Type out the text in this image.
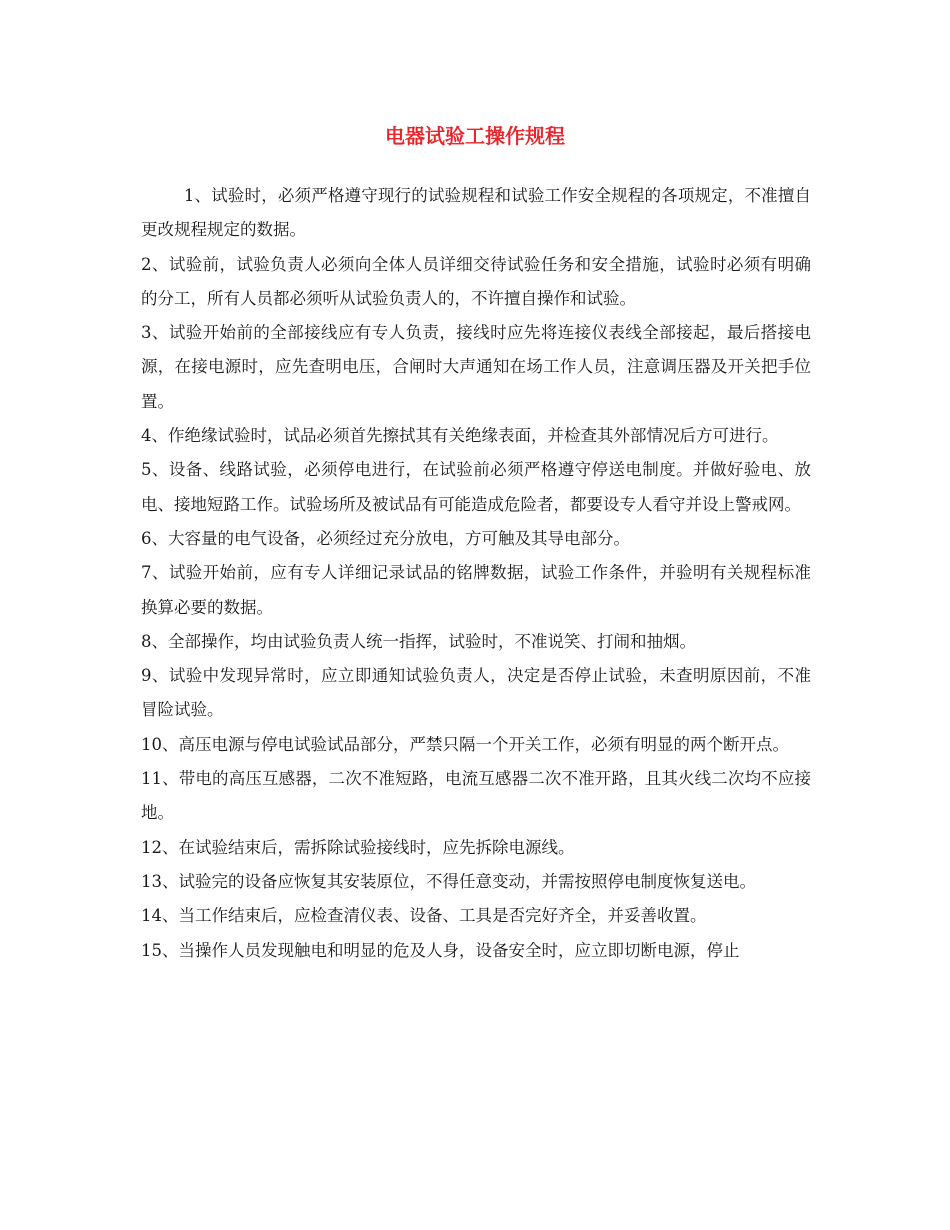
电器试验工操作规程

1、试验时，必须严格遵守现行的试验规程和试验工作安全规程的各项规定，不准擅自更改规程规定的数据。

2、试验前，试验负责人必须向全体人员详细交待试验任务和安全措施，试验时必须有明确的分工，所有人员都必须听从试验负责人的，不许擅自操作和试验。

3、试验开始前的全部接线应有专人负责，接线时应先将连接仪表线全部接起，最后搭接电源，在接电源时，应先查明电压，合闸时大声通知在场工作人员，注意调压器及开关把手位置。

4、作绝缘试验时，试品必须首先擦拭其有关绝缘表面，并检查其外部情况后方可进行。

5、设备、线路试验，必须停电进行，在试验前必须严格遵守停送电制度。并做好验电、放电、接地短路工作。试验场所及被试品有可能造成危险者，都要设专人看守并设上警戒网。

6、大容量的电气设备，必须经过充分放电，方可触及其导电部分。

7、试验开始前，应有专人详细记录试品的铭牌数据，试验工作条件，并验明有关规程标准换算必要的数据。

8、全部操作，均由试验负责人统一指挥，试验时，不准说笑、打闹和抽烟。

9、试验中发现异常时，应立即通知试验负责人，决定是否停止试验，未查明原因前，不准冒险试验。

10、高压电源与停电试验试品部分，严禁只隔一个开关工作，必须有明显的两个断开点。

11、带电的高压互感器，二次不准短路，电流互感器二次不准开路，且其火线二次均不应接地。

12、在试验结束后，需拆除试验接线时，应先拆除电源线。

13、试验完的设备应恢复其安装原位，不得任意变动，并需按照停电制度恢复送电。

14、当工作结束后，应检查清仪表、设备、工具是否完好齐全，并妥善收置。

15、当操作人员发现触电和明显的危及人身，设备安全时，应立即切断电源，停止
